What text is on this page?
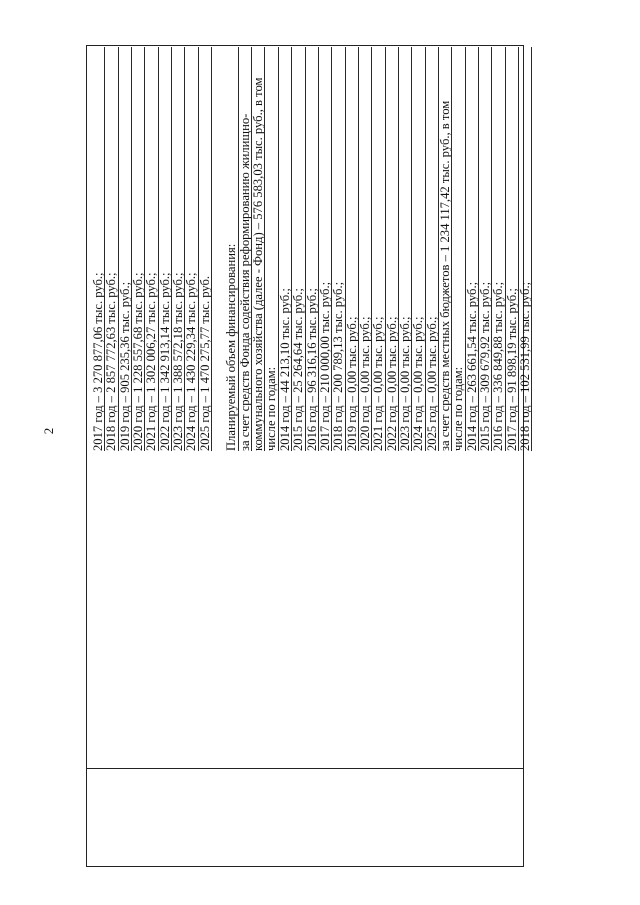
2	2017 год – 3 270 877,06 тыс. руб.; 2018 год – 2 857 772,63 тыс. руб.; 2019 год – 905 235,36 тыс. руб.; 2020 год – 1 228 557,68 тыс. руб.; 2021 год – 1 302 006,27 тыс. руб.; 2022 год – 1 342 913,14 тыс. руб.; 2023 год – 1 388 572,18 тыс. руб.; 2024 год – 1 430 229,34 тыс. руб.; 2025 год – 1 470 275,77 тыс. руб. Планируемый объем финансирования: за счет средств Фонда содействия реформированию жилищно- коммунального хозяйства (далее - Фонд) – 576 583,03 тыс. руб., в том числе по годам: 2014 год – 44 213,10 тыс. руб.; 2015 год – 25 264,64 тыс. руб.; 2016 год – 96 316,16 тыс. руб.; 2017 год – 210 000,00 тыс. руб.; 2018 год – 200 789,13 тыс. руб.; 2019 год – 0,00 тыс. руб.; 2020 год – 0,00 тыс. руб.; 2021 год – 0,00 тыс. руб.; 2022 год – 0,00 тыс. руб.; 2023 год – 0,00 тыс. руб.; 2024 год – 0,00 тыс. руб.; 2025 год – 0,00 тыс. руб.; за счет средств местных бюджетов – 1 234 117,42 тыс. руб., в том числе по годам: 2014 год – 263 661,54 тыс. руб.; 2015 год – 309 679,92 тыс. руб.; 2016 год – 336 849,88 тыс. руб.; 2017 год – 91 898,19 тыс. руб.; 2018 год – 102 531,99 тыс. руб.;
